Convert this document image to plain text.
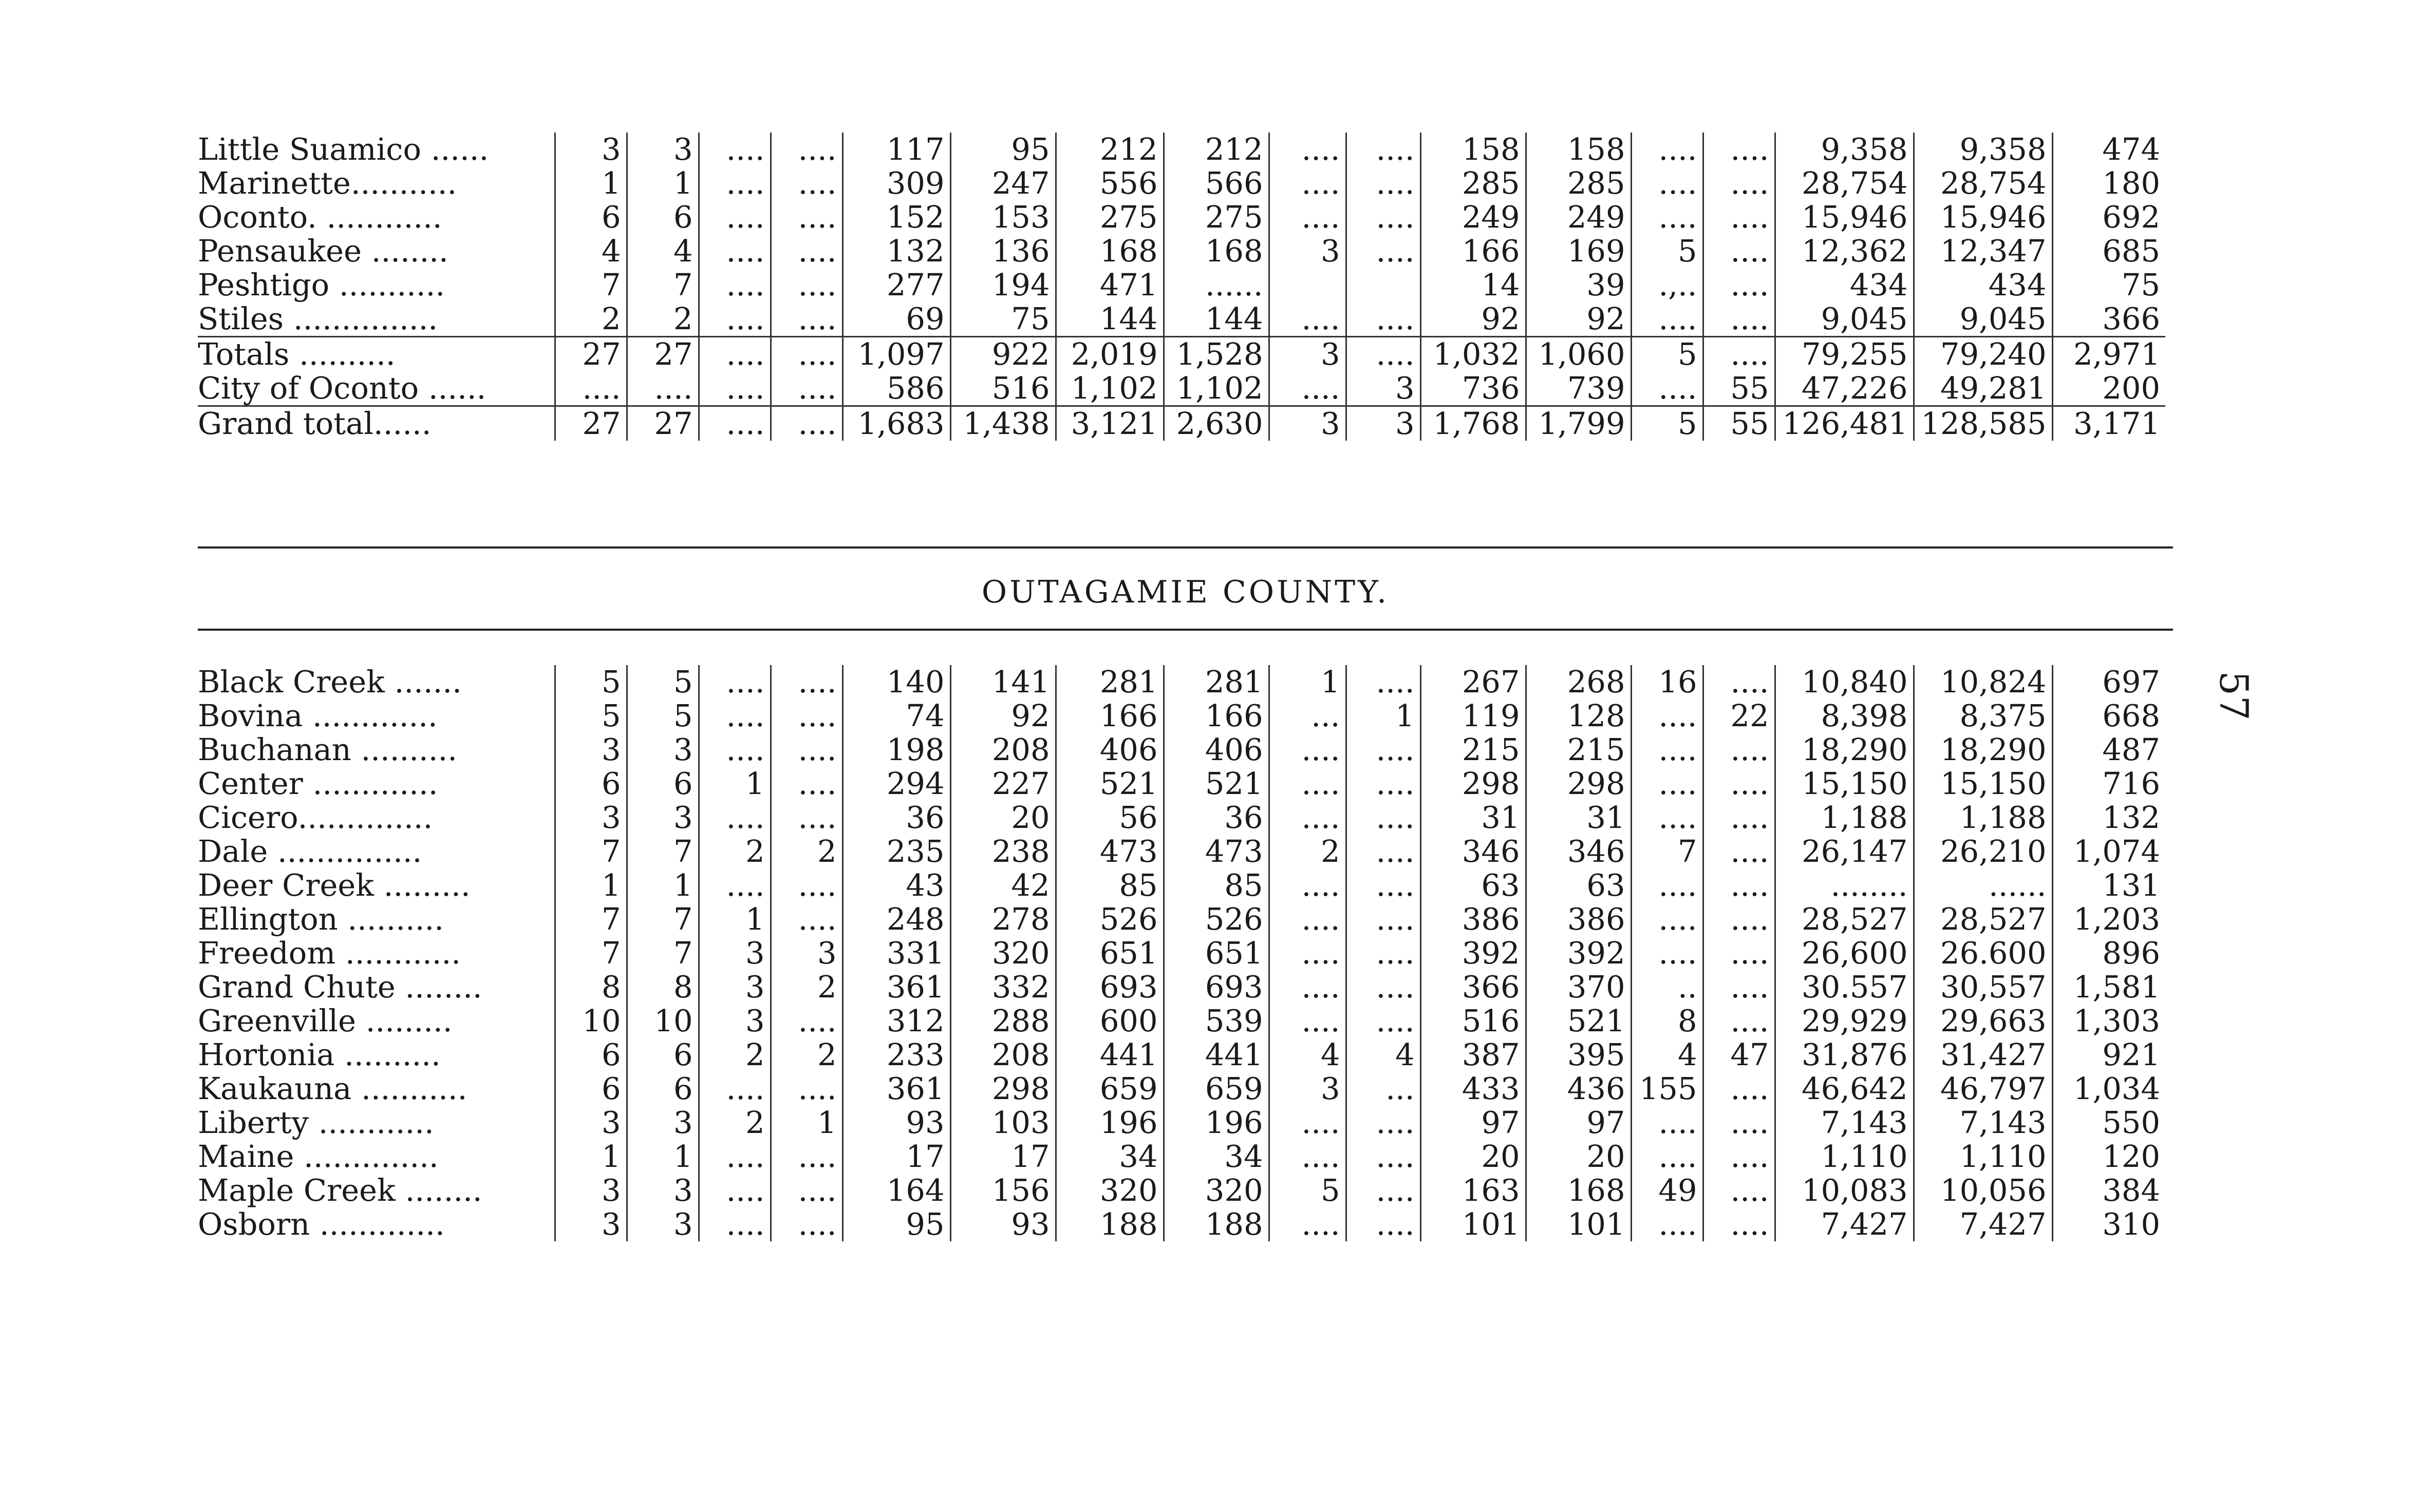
Little Suamico ......	3	3	....	....	117	95	212	212	....	....	158	158	....	....	9,358	9,358	474
Marinette...........	1	1	....	....	309	247	556	566	....	....	285	285	....	....	28,754	28,754	180
Oconto. ............	6	6	....	....	152	153	275	275	....	....	249	249	....	....	15,946	15,946	692
Pensaukee ........	4	4	....	....	132	136	168	168	3	....	166	169	5	....	12,362	12,347	685
Peshtigo ...........	7	7	....	....	277	194	471	......			14	39	.,..	....	434	434	75
Stiles ...............	2	2	....	....	69	75	144	144	....	....	92	92	....	....	9,045	9,045	366
Totals ..........	27	27	....	....	1,097	922	2,019	1,528	3	....	1,032	1,060	5	....	79,255	79,240	2,971
City of Oconto ......	....	....	....	....	586	516	1,102	1,102	....	3	736	739	....	55	47,226	49,281	200
Grand total......	27	27	....	....	1,683	1,438	3,121	2,630	3	3	1,768	1,799	5	55	126,481	128,585	3,171
OUTAGAMIE COUNTY.
Black Creek .......	5	5	....	....	140	141	281	281	1	....	267	268	16	....	10,840	10,824	697
Bovina .............	5	5	....	....	74	92	166	166	...	1	119	128	....	22	8,398	8,375	668
Buchanan ..........	3	3	....	....	198	208	406	406	....	....	215	215	....	....	18,290	18,290	487
Center .............	6	6	1	....	294	227	521	521	....	....	298	298	....	....	15,150	15,150	716
Cicero..............	3	3	....	....	36	20	56	36	....	....	31	31	....	....	1,188	1,188	132
Dale ...............	7	7	2	2	235	238	473	473	2	....	346	346	7	....	26,147	26,210	1,074
Deer Creek .........	1	1	....	....	43	42	85	85	....	....	63	63	....	....	........	......	131
Ellington ..........	7	7	1	....	248	278	526	526	....	....	386	386	....	....	28,527	28,527	1,203
Freedom ............	7	7	3	3	331	320	651	651	....	....	392	392	....	....	26,600	26.600	896
Grand Chute ........	8	8	3	2	361	332	693	693	....	....	366	370	..	....	30.557	30,557	1,581
Greenville .........	10	10	3	....	312	288	600	539	....	....	516	521	8	....	29,929	29,663	1,303
Hortonia ..........	6	6	2	2	233	208	441	441	4	4	387	395	4	47	31,876	31,427	921
Kaukauna ...........	6	6	....	....	361	298	659	659	3	...	433	436	155	....	46,642	46,797	1,034
Liberty ............	3	3	2	1	93	103	196	196	....	....	97	97	....	....	7,143	7,143	550
Maine ..............	1	1	....	....	17	17	34	34	....	....	20	20	....	....	1,110	1,110	120
Maple Creek ........	3	3	....	....	164	156	320	320	5	....	163	168	49	....	10,083	10,056	384
Osborn .............	3	3	....	....	95	93	188	188	....	....	101	101	....	....	7,427	7,427	310
57
